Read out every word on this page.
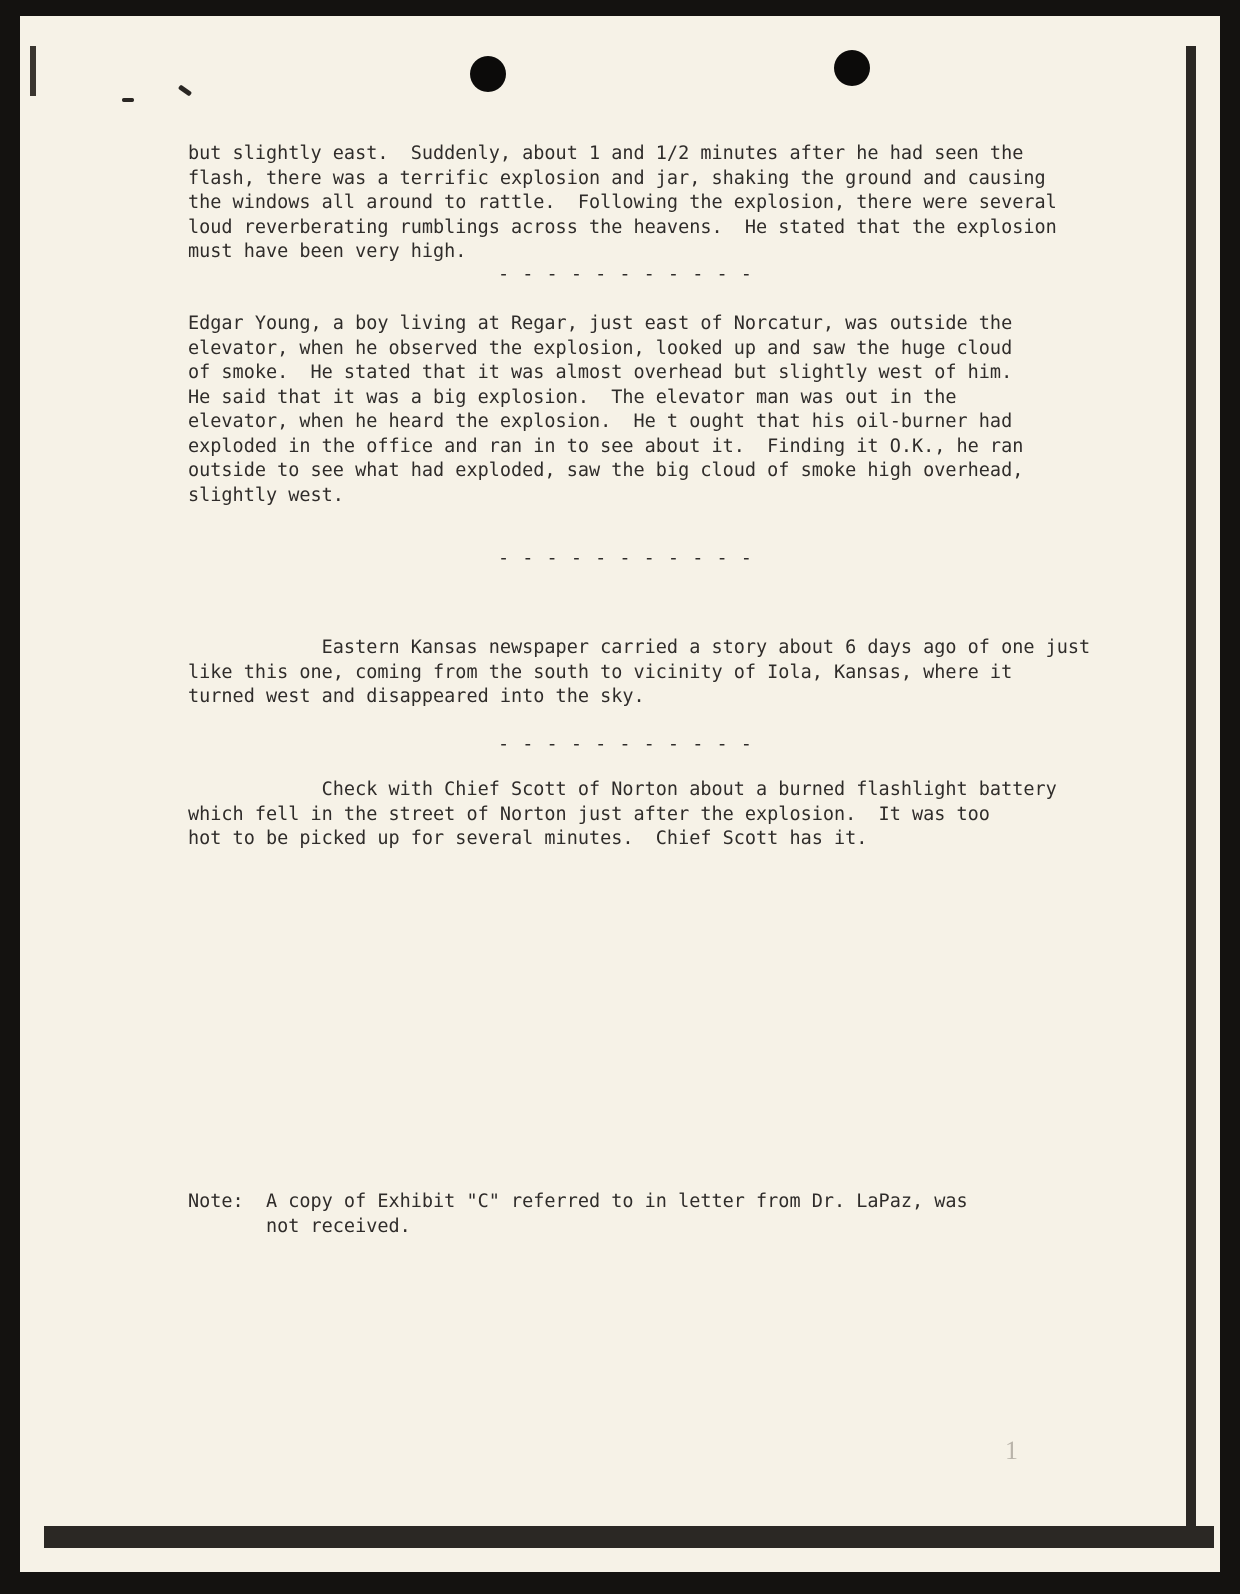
but slightly east.  Suddenly, about 1 and 1/2 minutes after he had seen the
flash, there was a terrific explosion and jar, shaking the ground and causing
the windows all around to rattle.  Following the explosion, there were several
loud reverberating rumblings across the heavens.  He stated that the explosion
must have been very high.
- - - - - - - - - - -
Edgar Young, a boy living at Regar, just east of Norcatur, was outside the
elevator, when he observed the explosion, looked up and saw the huge cloud
of smoke.  He stated that it was almost overhead but slightly west of him.
He said that it was a big explosion.  The elevator man was out in the
elevator, when he heard the explosion.  He t ought that his oil-burner had
exploded in the office and ran in to see about it.  Finding it O.K., he ran
outside to see what had exploded, saw the big cloud of smoke high overhead,
slightly west.
- - - - - - - - - - -
Eastern Kansas newspaper carried a story about 6 days ago of one just
like this one, coming from the south to vicinity of Iola, Kansas, where it
turned west and disappeared into the sky.
- - - - - - - - - - -
Check with Chief Scott of Norton about a burned flashlight battery
which fell in the street of Norton just after the explosion.  It was too
hot to be picked up for several minutes.  Chief Scott has it.
Note:  A copy of Exhibit "C" referred to in letter from Dr. LaPaz, was
not received.
1
